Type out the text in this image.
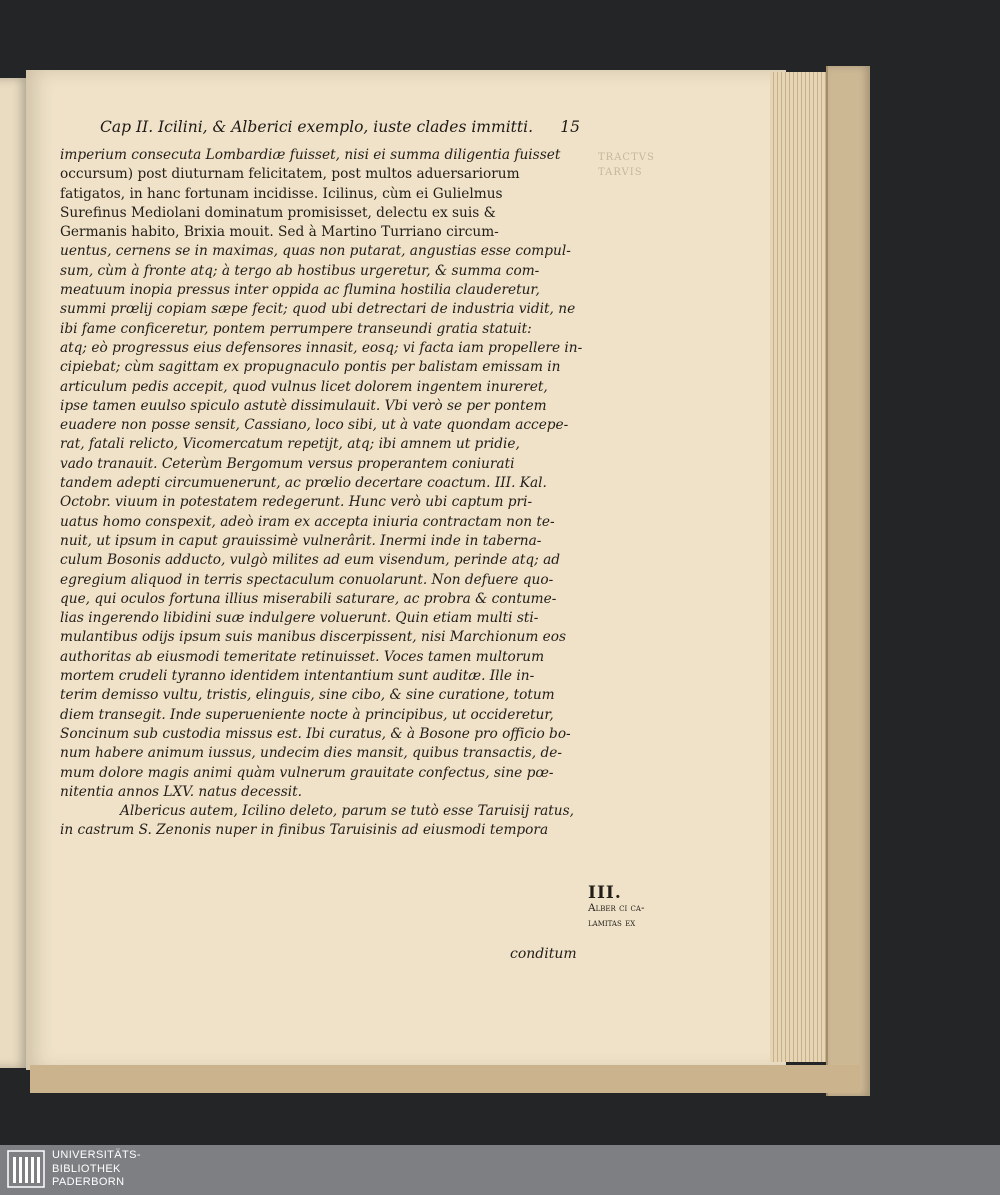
Cap II. Icilini, & Alberici exemplo, iuste clades immitti. 15
TRACTVS
TARVIS
imperium consecuta Lombardiæ fuisset, nisi ei summa diligentia fuisset
occursum) post diuturnam felicitatem, post multos aduersariorum
fatigatos, in hanc fortunam incidisse. Icilinus, cùm ei Gulielmus
Surefinus Mediolani dominatum promisisset, delectu ex suis &
Germanis habito, Brixia mouit. Sed à Martino Turriano circum-
uentus, cernens se in maximas, quas non putarat, angustias esse compul-
sum, cùm à fronte atq; à tergo ab hostibus urgeretur, & summa com-
meatuum inopia pressus inter oppida ac flumina hostilia clauderetur,
summi prœlij copiam sæpe fecit; quod ubi detrectari de industria vidit, ne
ibi fame conficeretur, pontem perrumpere transeundi gratia statuit:
atq; eò progressus eius defensores innasit, eosq; vi facta iam propellere in-
cipiebat; cùm sagittam ex propugnaculo pontis per balistam emissam in
articulum pedis accepit, quod vulnus licet dolorem ingentem inureret,
ipse tamen euulso spiculo astutè dissimulauit. Vbi verò se per pontem
euadere non posse sensit, Cassiano, loco sibi, ut à vate quondam accepe-
rat, fatali relicto, Vicomercatum repetijt, atq; ibi amnem ut pridie,
vado tranauit. Ceterùm Bergomum versus properantem coniurati
tandem adepti circumuenerunt, ac prœlio decertare coactum. III. Kal.
Octobr. viuum in potestatem redegerunt. Hunc verò ubi captum pri-
uatus homo conspexit, adeò iram ex accepta iniuria contractam non te-
nuit, ut ipsum in caput grauissimè vulnerârit. Inermi inde in taberna-
culum Bosonis adducto, vulgò milites ad eum visendum, perinde atq; ad
egregium aliquod in terris spectaculum conuolarunt. Non defuere quo-
que, qui oculos fortuna illius miserabili saturare, ac probra & contume-
lias ingerendo libidini suæ indulgere voluerunt. Quin etiam multi sti-
mulantibus odijs ipsum suis manibus discerpissent, nisi Marchionum eos
authoritas ab eiusmodi temeritate retinuisset. Voces tamen multorum
mortem crudeli tyranno identidem intentantium sunt auditæ. Ille in-
terim demisso vultu, tristis, elinguis, sine cibo, & sine curatione, totum
diem transegit. Inde superueniente nocte à principibus, ut occideretur,
Soncinum sub custodia missus est. Ibi curatus, & à Bosone pro officio bo-
num habere animum iussus, undecim dies mansit, quibus transactis, de-
mum dolore magis animi quàm vulnerum grauitate confectus, sine pœ-
nitentia annos LXV. natus decessit.
Albericus autem, Icilino deleto, parum se tutò esse Taruisij ratus,
in castrum S. Zenonis nuper in finibus Taruisinis ad eiusmodi tempora
conditum
III.
Alber ci ca-
lamitas ex
UNIVERSITÄTS-
BIBLIOTHEK
PADERBORN
